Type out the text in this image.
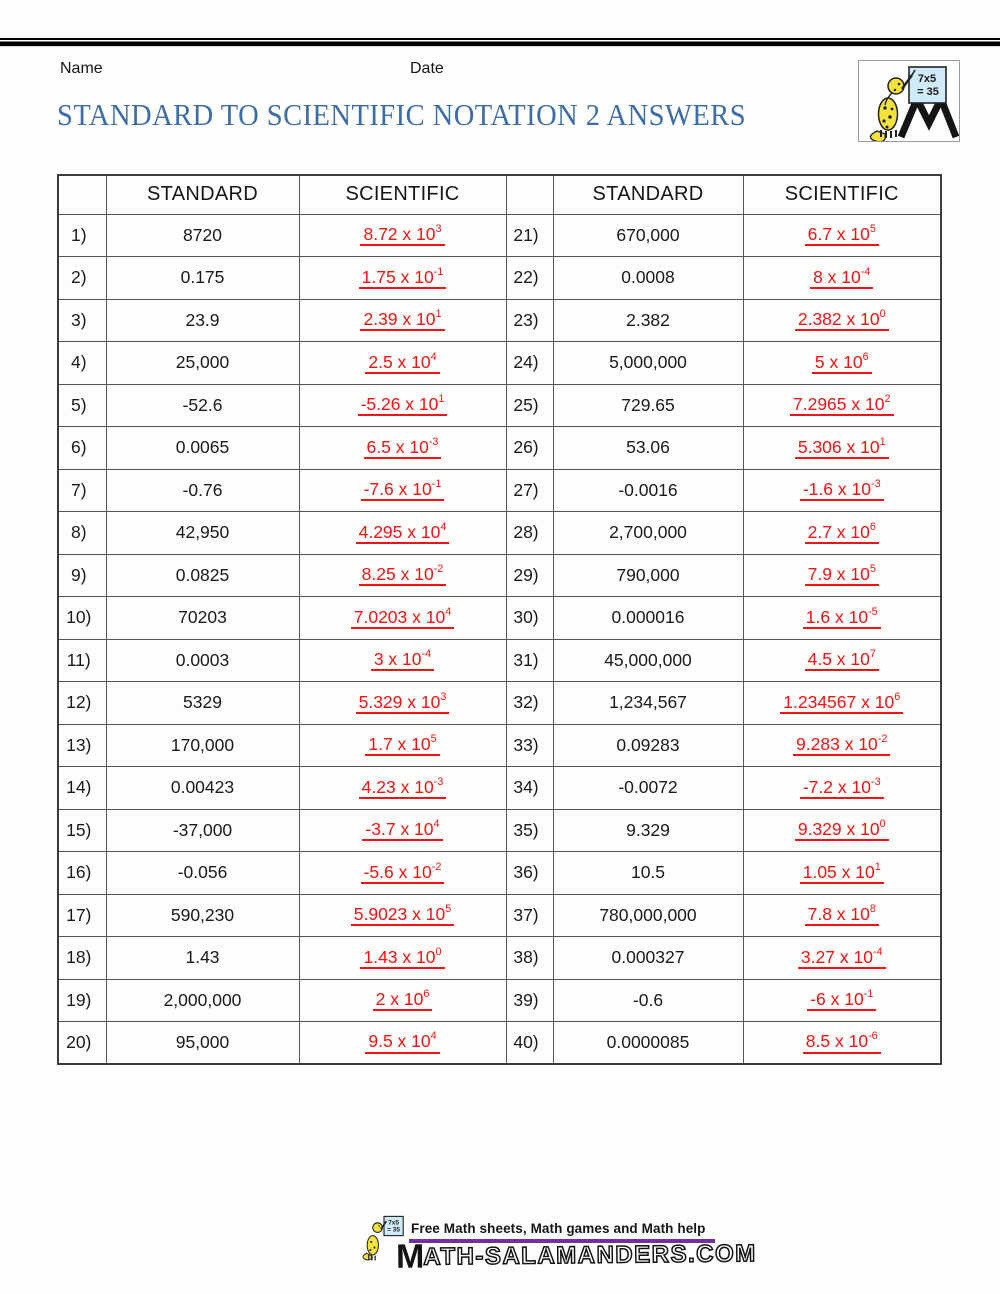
Name	Date
7x5
= 35
STANDARD TO SCIENTIFIC NOTATION 2 ANSWERS
	STANDARD	SCIENTIFIC		STANDARD	SCIENTIFIC
1)	8720	8.72 x $10^3$	21)	670,000	6.7 x $10^5$
2)	0.175	1.75 x $10^{-1}$	22)	0.0008	8 x $10^{-4}$
3)	23.9	2.39 x $10^1$	23)	2.382	2.382 x $10^0$
4)	25,000	2.5 x $10^4$	24)	5,000,000	5 x $10^6$
5)	-52.6	-5.26 x $10^1$	25)	729.65	7.2965 x $10^2$
6)	0.0065	6.5 x $10^{-3}$	26)	53.06	5.306 x $10^1$
7)	-0.76	-7.6 x $10^{-1}$	27)	-0.0016	-1.6 x $10^{-3}$
8)	42,950	4.295 x $10^4$	28)	2,700,000	2.7 x $10^6$
9)	0.0825	8.25 x $10^{-2}$	29)	790,000	7.9 x $10^5$
10)	70203	7.0203 x $10^4$	30)	0.000016	1.6 x $10^{-5}$
11)	0.0003	3 x $10^{-4}$	31)	45,000,000	4.5 x $10^7$
12)	5329	5.329 x $10^3$	32)	1,234,567	1.234567 x $10^6$
13)	170,000	1.7 x $10^5$	33)	0.09283	9.283 x $10^{-2}$
14)	0.00423	4.23 x $10^{-3}$	34)	-0.0072	-7.2 x $10^{-3}$
15)	-37,000	-3.7 x $10^4$	35)	9.329	9.329 x $10^0$
16)	-0.056	-5.6 x $10^{-2}$	36)	10.5	1.05 x $10^1$
17)	590,230	5.9023 x $10^5$	37)	780,000,000	7.8 x $10^8$
18)	1.43	1.43 x $10^0$	38)	0.000327	3.27 x $10^{-4}$
19)	2,000,000	2 x $10^6$	39)	-0.6	-6 x $10^{-1}$
20)	95,000	9.5 x $10^4$	40)	0.0000085	8.5 x $10^{-6}$
7x5
= 35 Free Math sheets, Math games and Math help
MATH-SALAMANDERS.COM
